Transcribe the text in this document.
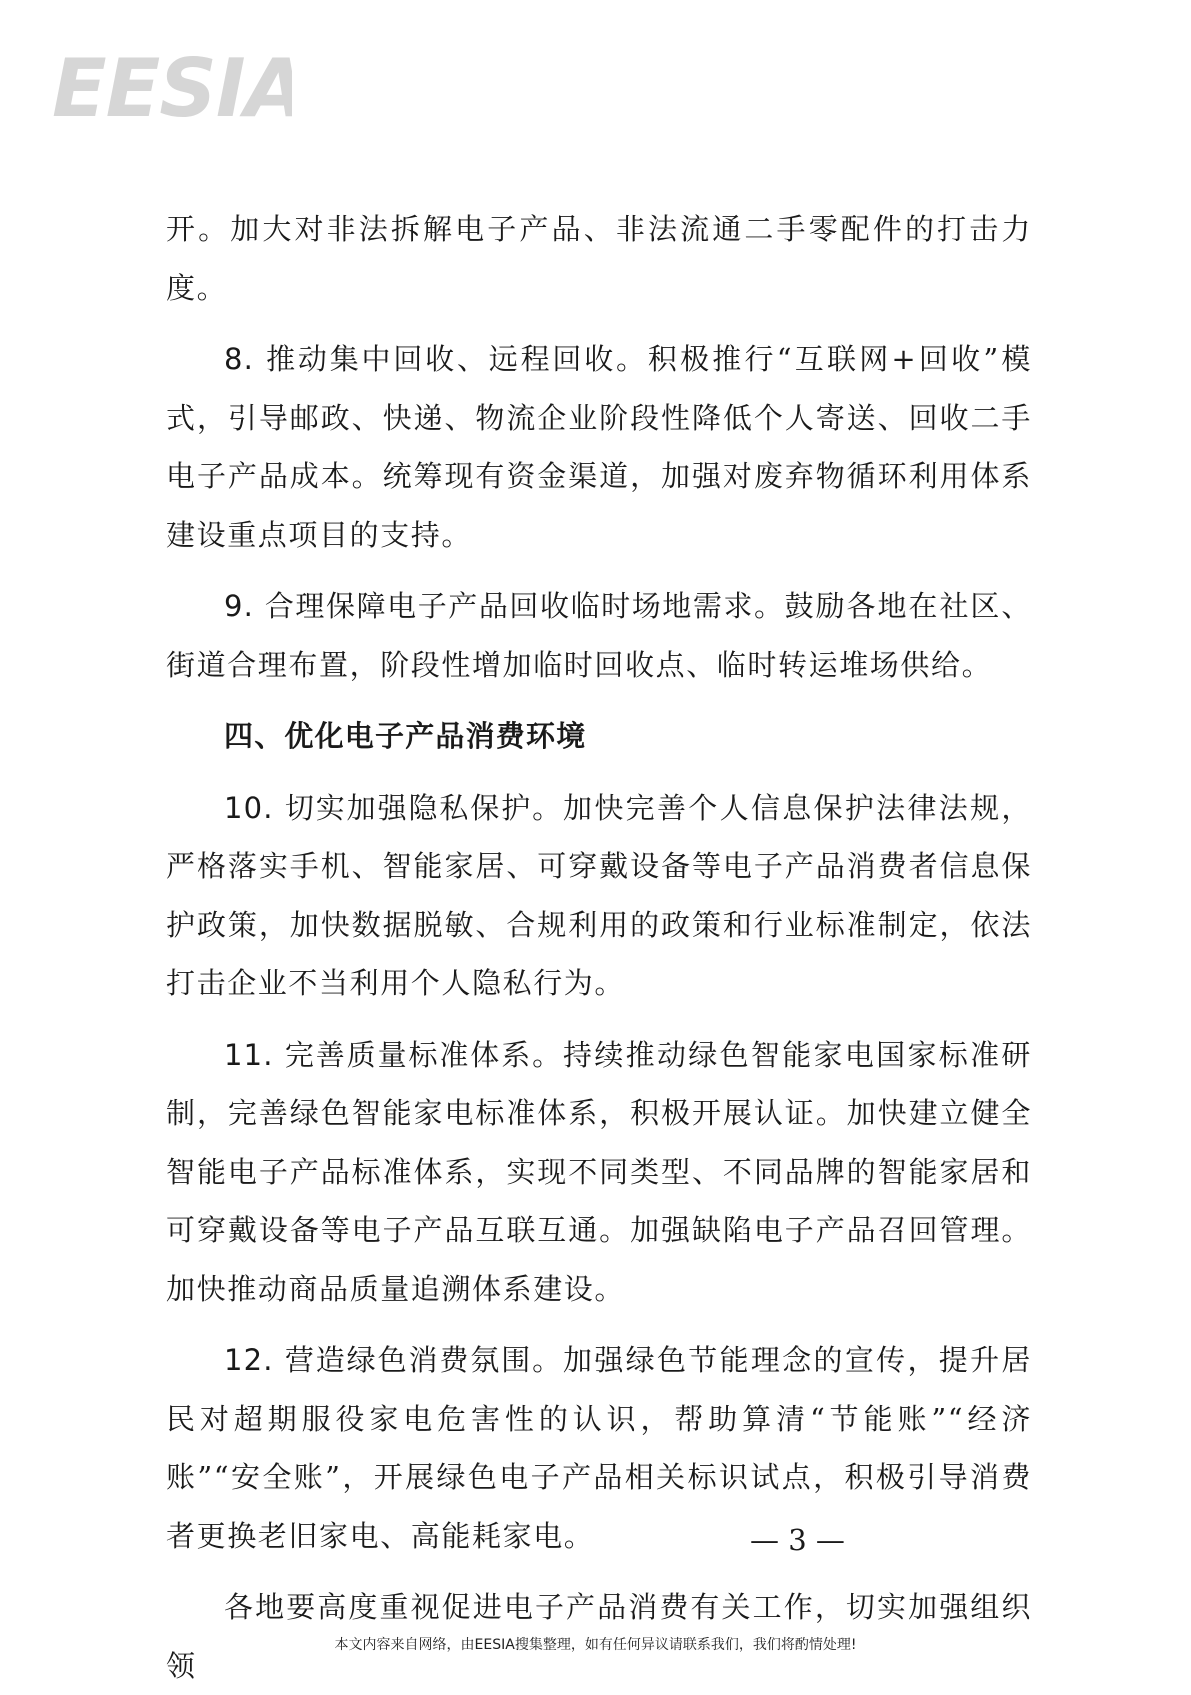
EESIA

开。加大对非法拆解电子产品、非法流通二手零配件的打击力度。

8. 推动集中回收、远程回收。积极推行“互联网+回收”模式，引导邮政、快递、物流企业阶段性降低个人寄送、回收二手电子产品成本。统筹现有资金渠道，加强对废弃物循环利用体系建设重点项目的支持。

9. 合理保障电子产品回收临时场地需求。鼓励各地在社区、街道合理布置，阶段性增加临时回收点、临时转运堆场供给。

四、优化电子产品消费环境

10. 切实加强隐私保护。加快完善个人信息保护法律法规，严格落实手机、智能家居、可穿戴设备等电子产品消费者信息保护政策，加快数据脱敏、合规利用的政策和行业标准制定，依法打击企业不当利用个人隐私行为。

11. 完善质量标准体系。持续推动绿色智能家电国家标准研制，完善绿色智能家电标准体系，积极开展认证。加快建立健全智能电子产品标准体系，实现不同类型、不同品牌的智能家居和可穿戴设备等电子产品互联互通。加强缺陷电子产品召回管理。加快推动商品质量追溯体系建设。

12. 营造绿色消费氛围。加强绿色节能理念的宣传，提升居民对超期服役家电危害性的认识，帮助算清“节能账”“经济账”“安全账”，开展绿色电子产品相关标识试点，积极引导消费者更换老旧家电、高能耗家电。

各地要高度重视促进电子产品消费有关工作，切实加强组织领

— 3 —
本文内容来自网络，由EESIA搜集整理，如有任何异议请联系我们，我们将酌情处理!
